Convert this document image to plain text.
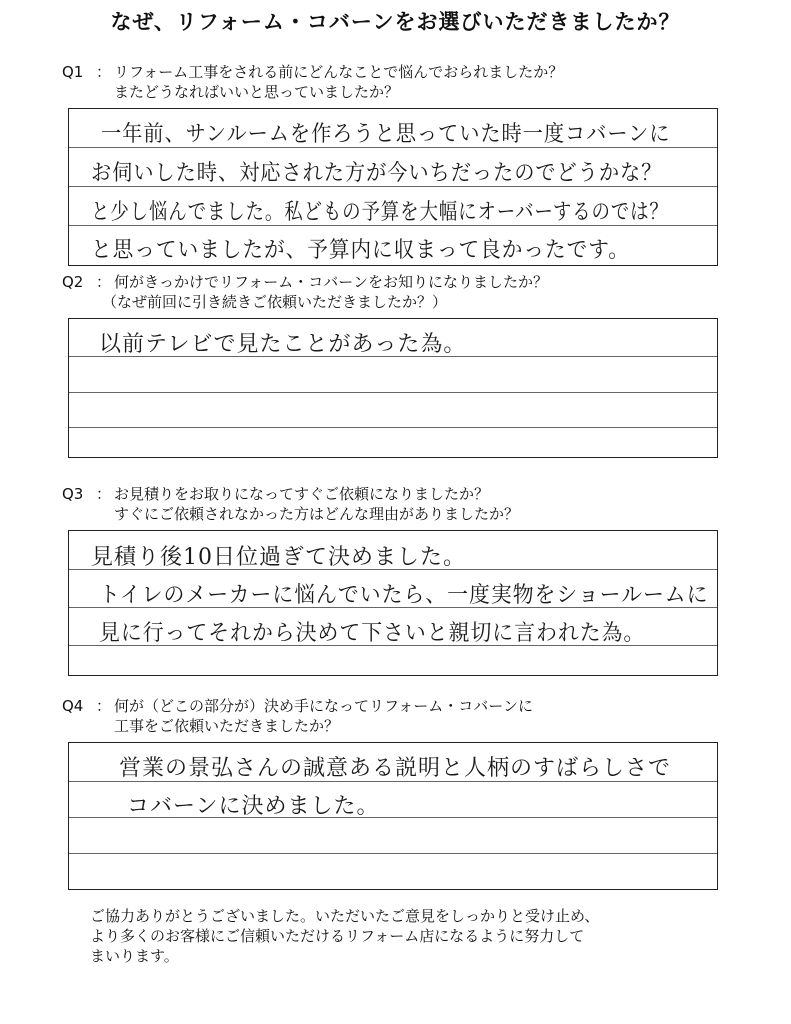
なぜ、リフォーム・コバーンをお選びいただきましたか？
Q1 ： リフォーム工事をされる前にどんなことで悩んでおられましたか？
またどうなればいいと思っていましたか？
一年前、サンルームを作ろうと思っていた時一度コバーンに
お伺いした時、対応された方が今いちだったのでどうかな？
と少し悩んでました。私どもの予算を大幅にオーバーするのでは？
と思っていましたが、予算内に収まって良かったです。
Q2 ： 何がきっかけでリフォーム・コバーンをお知りになりましたか？
（なぜ前回に引き続きご依頼いただきましたか？）
以前テレビで見たことがあった為。
Q3 ： お見積りをお取りになってすぐご依頼になりましたか？
すぐにご依頼されなかった方はどんな理由がありましたか？
見積り後10日位過ぎて決めました。
トイレのメーカーに悩んでいたら、一度実物をショールームに
見に行ってそれから決めて下さいと親切に言われた為。
Q4 ： 何が（どこの部分が）決め手になってリフォーム・コバーンに
工事をご依頼いただきましたか？
営業の景弘さんの誠意ある説明と人柄のすばらしさで
コバーンに決めました。
ご協力ありがとうございました。いただいたご意見をしっかりと受け止め、
より多くのお客様にご信頼いただけるリフォーム店になるように努力して
まいります。
